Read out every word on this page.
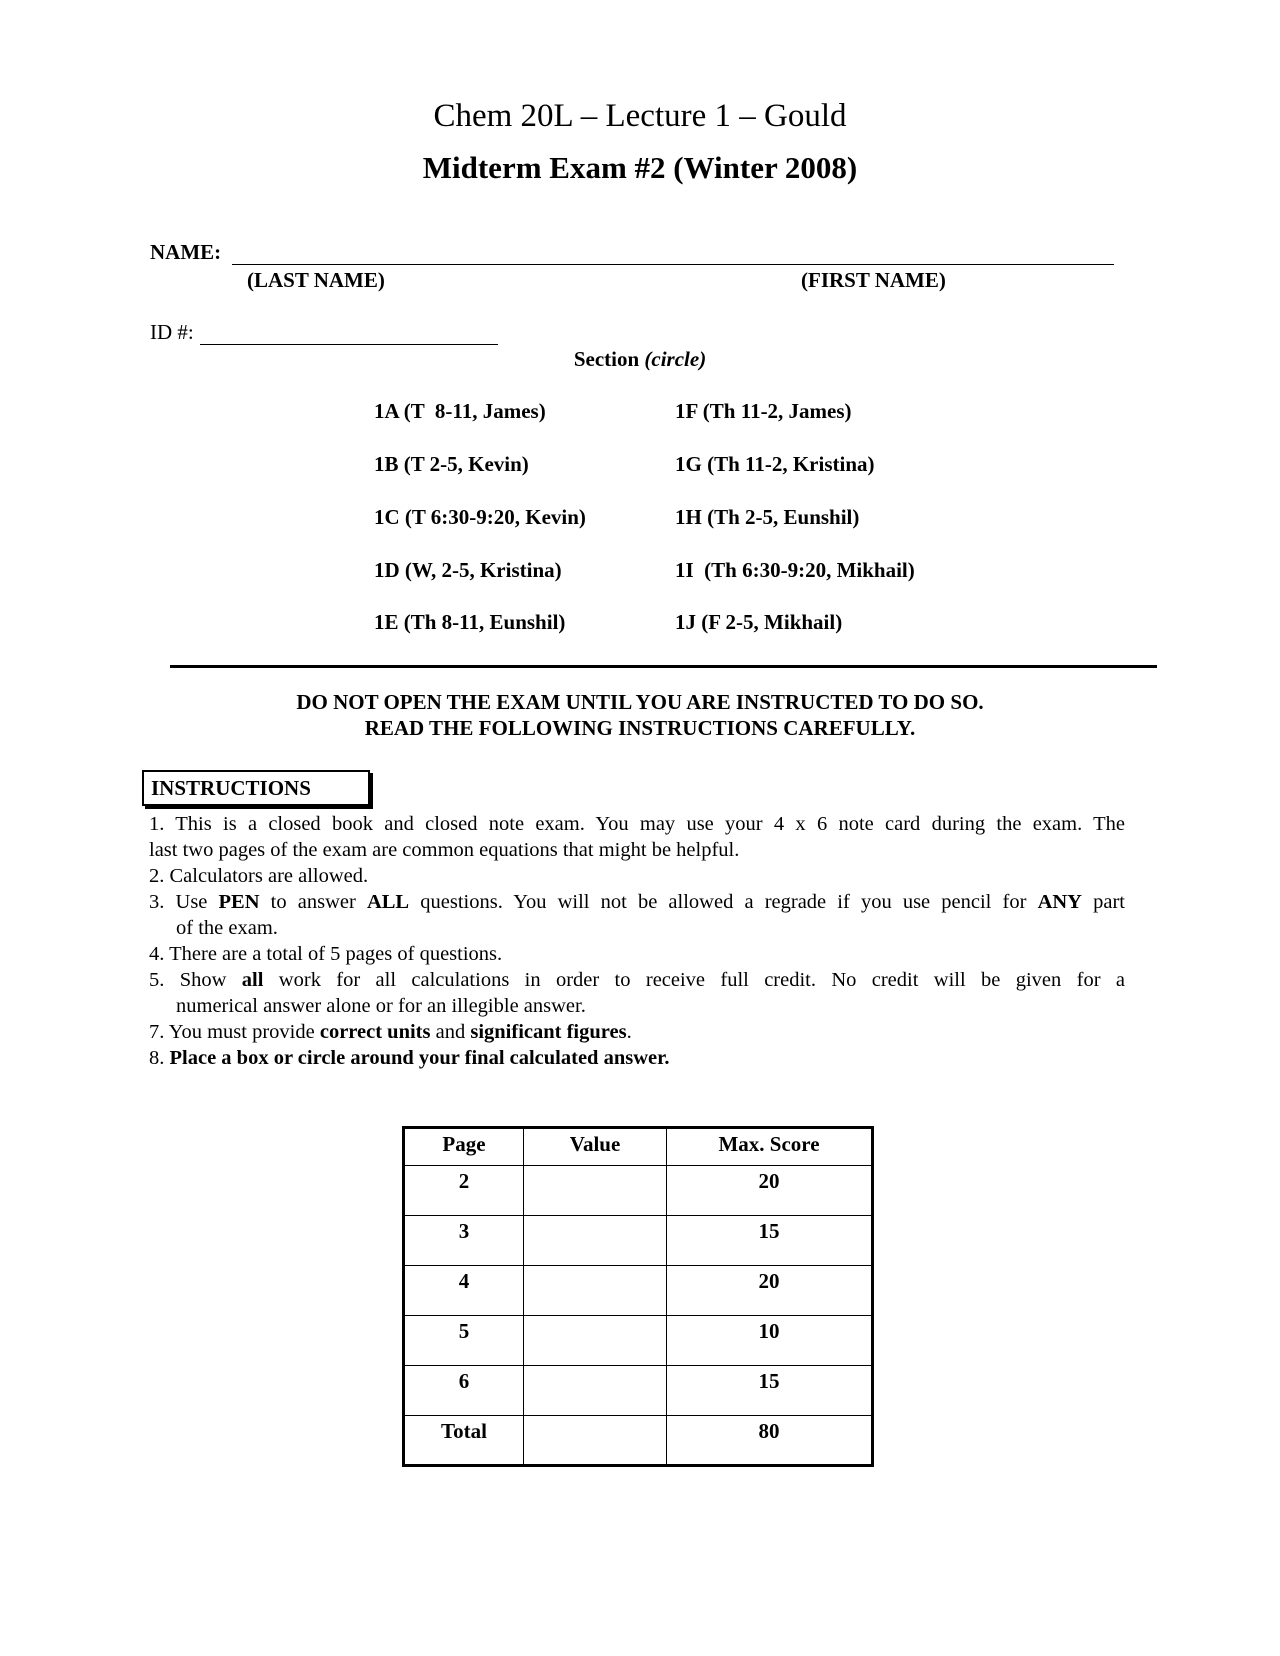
Chem 20L – Lecture 1 – Gould
Midterm Exam #2 (Winter 2008)
NAME:
(LAST NAME)	(FIRST NAME)
ID #:
Section (circle)
1A (T  8-11, James)
1B (T 2-5, Kevin)
1C (T 6:30-9:20, Kevin)
1D (W, 2-5, Kristina)
1E (Th 8-11, Eunshil)
1F (Th 11-2, James)
1G (Th 11-2, Kristina)
1H (Th 2-5, Eunshil)
1I  (Th 6:30-9:20, Mikhail)
1J (F 2-5, Mikhail)
DO NOT OPEN THE EXAM UNTIL YOU ARE INSTRUCTED TO DO SO.
READ THE FOLLOWING INSTRUCTIONS CAREFULLY.
INSTRUCTIONS
1. This is a closed book and closed note exam. You may use your 4 x 6 note card during the exam. The
last two pages of the exam are common equations that might be helpful.
2. Calculators are allowed.
3. Use PEN to answer ALL questions. You will not be allowed a regrade if you use pencil for ANY part
of the exam.
4. There are a total of 5 pages of questions.
5. Show all work for all calculations in order to receive full credit. No credit will be given for a
numerical answer alone or for an illegible answer.
7. You must provide correct units and significant figures.
8. Place a box or circle around your final calculated answer.
Page	Value	Max. Score
2		20
3		15
4		20
5		10
6		15
Total		80
